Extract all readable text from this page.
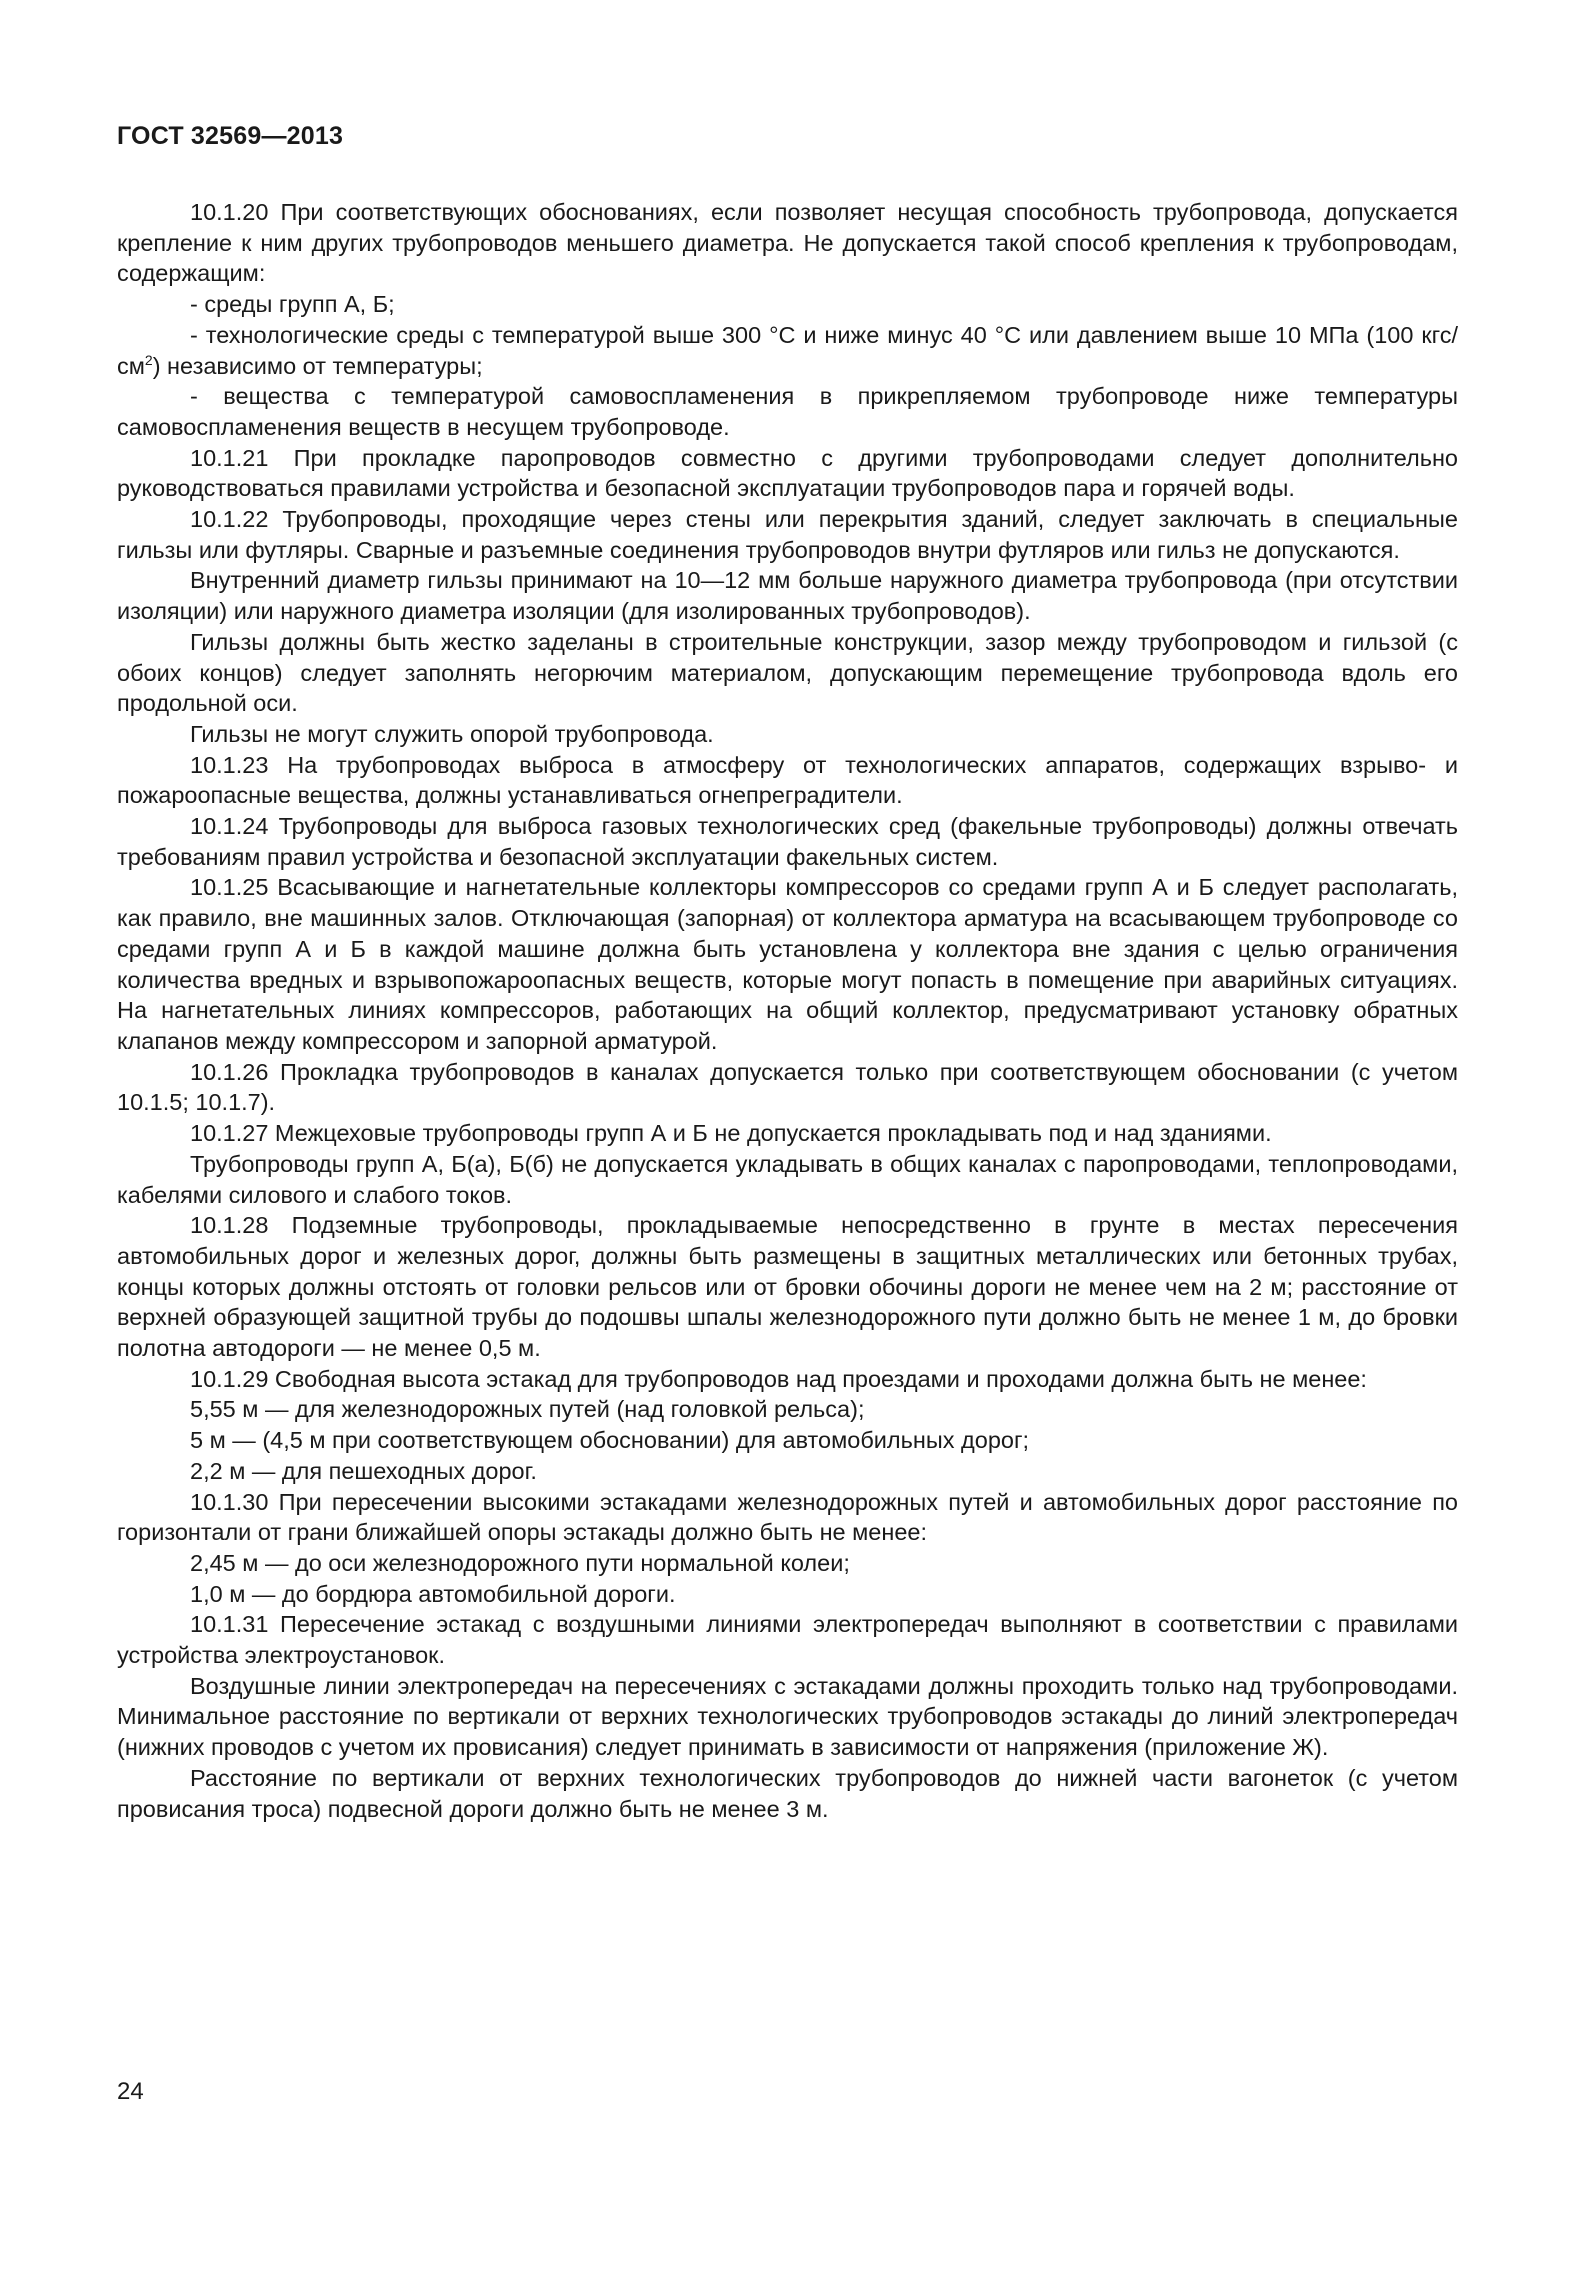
ГОСТ 32569—2013

10.1.20 При соответствующих обоснованиях, если позволяет несущая способность трубопровода, допускается крепление к ним других трубопроводов меньшего диаметра. Не допускается такой способ крепления к трубопроводам, содержащим:

- среды групп А, Б;

- технологические среды с температурой выше 300 °С и ниже минус 40 °С или давлением выше 10 МПа (100 кгс/$см^2$) независимо от температуры;

- вещества с температурой самовоспламенения в прикрепляемом трубопроводе ниже температуры самовоспламенения веществ в несущем трубопроводе.

10.1.21 При прокладке паропроводов совместно с другими трубопроводами следует дополнительно руководствоваться правилами устройства и безопасной эксплуатации трубопроводов пара и горячей воды.

10.1.22 Трубопроводы, проходящие через стены или перекрытия зданий, следует заключать в специальные гильзы или футляры. Сварные и разъемные соединения трубопроводов внутри футляров или гильз не допускаются.

Внутренний диаметр гильзы принимают на 10—12 мм больше наружного диаметра трубопровода (при отсутствии изоляции) или наружного диаметра изоляции (для изолированных трубопроводов).

Гильзы должны быть жестко заделаны в строительные конструкции, зазор между трубопроводом и гильзой (с обоих концов) следует заполнять негорючим материалом, допускающим перемещение трубопровода вдоль его продольной оси.

Гильзы не могут служить опорой трубопровода.

10.1.23 На трубопроводах выброса в атмосферу от технологических аппаратов, содержащих взрыво- и пожароопасные вещества, должны устанавливаться огнепреградители.

10.1.24 Трубопроводы для выброса газовых технологических сред (факельные трубопроводы) должны отвечать требованиям правил устройства и безопасной эксплуатации факельных систем.

10.1.25 Всасывающие и нагнетательные коллекторы компрессоров со средами групп А и Б следует располагать, как правило, вне машинных залов. Отключающая (запорная) от коллектора арматура на всасывающем трубопроводе со средами групп А и Б в каждой машине должна быть установлена у коллектора вне здания с целью ограничения количества вредных и взрывопожароопасных веществ, которые могут попасть в помещение при аварийных ситуациях. На нагнетательных линиях компрессоров, работающих на общий коллектор, предусматривают установку обратных клапанов между компрессором и запорной арматурой.

10.1.26 Прокладка трубопроводов в каналах допускается только при соответствующем обосновании (с учетом 10.1.5; 10.1.7).

10.1.27 Межцеховые трубопроводы групп А и Б не допускается прокладывать под и над зданиями.

Трубопроводы групп А, Б(а), Б(б) не допускается укладывать в общих каналах с паропроводами, теплопроводами, кабелями силового и слабого токов.

10.1.28 Подземные трубопроводы, прокладываемые непосредственно в грунте в местах пересечения автомобильных дорог и железных дорог, должны быть размещены в защитных металлических или бетонных трубах, концы которых должны отстоять от головки рельсов или от бровки обочины дороги не менее чем на 2 м; расстояние от верхней образующей защитной трубы до подошвы шпалы железнодорожного пути должно быть не менее 1 м, до бровки полотна автодороги — не менее 0,5 м.

10.1.29 Свободная высота эстакад для трубопроводов над проездами и проходами должна быть не менее:

5,55 м — для железнодорожных путей (над головкой рельса);

5 м — (4,5 м при соответствующем обосновании) для автомобильных дорог;

2,2 м — для пешеходных дорог.

10.1.30 При пересечении высокими эстакадами железнодорожных путей и автомобильных дорог расстояние по горизонтали от грани ближайшей опоры эстакады должно быть не менее:

2,45 м — до оси железнодорожного пути нормальной колеи;

1,0 м — до бордюра автомобильной дороги.

10.1.31 Пересечение эстакад с воздушными линиями электропередач выполняют в соответствии с правилами устройства электроустановок.

Воздушные линии электропередач на пересечениях с эстакадами должны проходить только над трубопроводами. Минимальное расстояние по вертикали от верхних технологических трубопроводов эстакады до линий электропередач (нижних проводов с учетом их провисания) следует принимать в зависимости от напряжения (приложение Ж).

Расстояние по вертикали от верхних технологических трубопроводов до нижней части вагонеток (с учетом провисания троса) подвесной дороги должно быть не менее 3 м.

24
